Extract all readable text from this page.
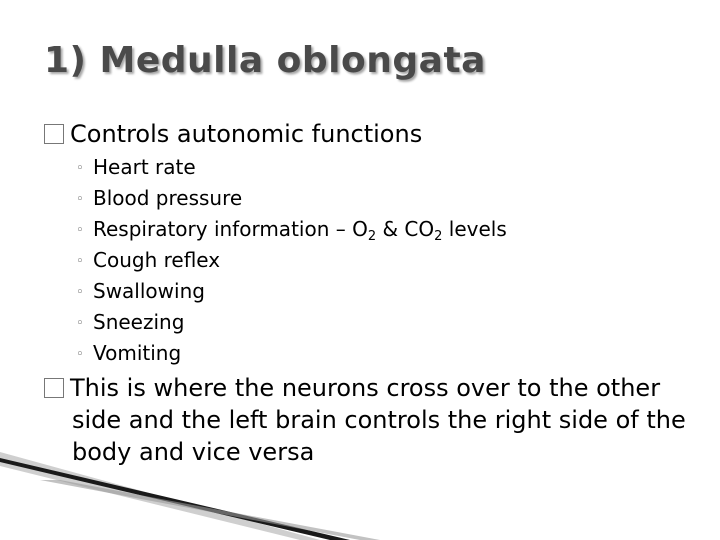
1) Medulla oblongata
Controls autonomic functions
◦ Heart rate
◦ Blood pressure
◦ Respiratory information – $O_2$ & $CO_2$ levels
◦ Cough reflex
◦ Swallowing
◦ Sneezing
◦ Vomiting
This is where the neurons cross over to the other side and the left brain controls the right side of the body and vice versa
